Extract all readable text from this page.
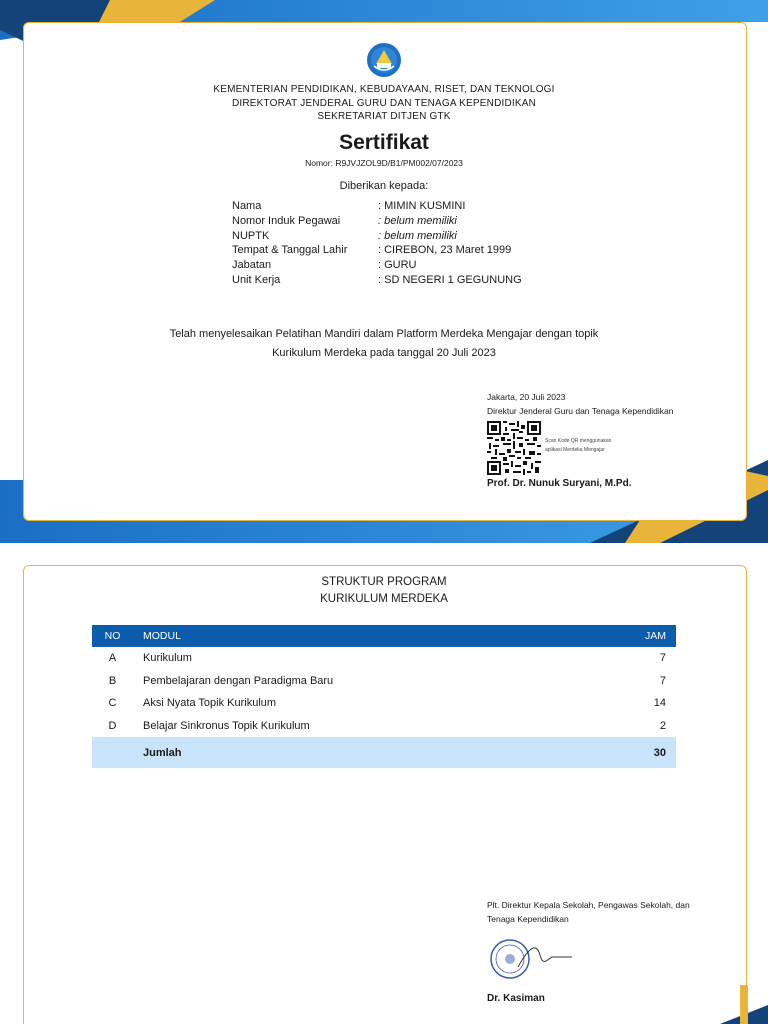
KEMENTERIAN PENDIDIKAN, KEBUDAYAAN, RISET, DAN TEKNOLOGI
DIREKTORAT JENDERAL GURU DAN TENAGA KEPENDIDIKAN
SEKRETARIAT DITJEN GTK
Sertifikat
Nomor: R9JVJZOL9D/B1/PM002/07/2023
Diberikan kepada:
Nama	: MIMIN KUSMINI
Nomor Induk Pegawai	: belum memiliki
NUPTK	: belum memiliki
Tempat & Tanggal Lahir	: CIREBON, 23 Maret 1999
Jabatan	: GURU
Unit Kerja	: SD NEGERI 1 GEGUNUNG
Telah menyelesaikan Pelatihan Mandiri dalam Platform Merdeka Mengajar dengan topik
Kurikulum Merdeka pada tanggal 20 Juli 2023
Jakarta, 20 Juli 2023
Direktur Jenderal Guru dan Tenaga Kependidikan
Scan Kode QR menggunakan
aplikasi Merdeka Mengajar
Prof. Dr. Nunuk Suryani, M.Pd.
STRUKTUR PROGRAM
KURIKULUM MERDEKA
NO	MODUL	JAM
A	Kurikulum	7
B	Pembelajaran dengan Paradigma Baru	7
C	Aksi Nyata Topik Kurikulum	14
D	Belajar Sinkronus Topik Kurikulum	2
	Jumlah	30
Plt. Direktur Kepala Sekolah, Pengawas Sekolah, dan
Tenaga Kependidikan
Dr. Kasiman
